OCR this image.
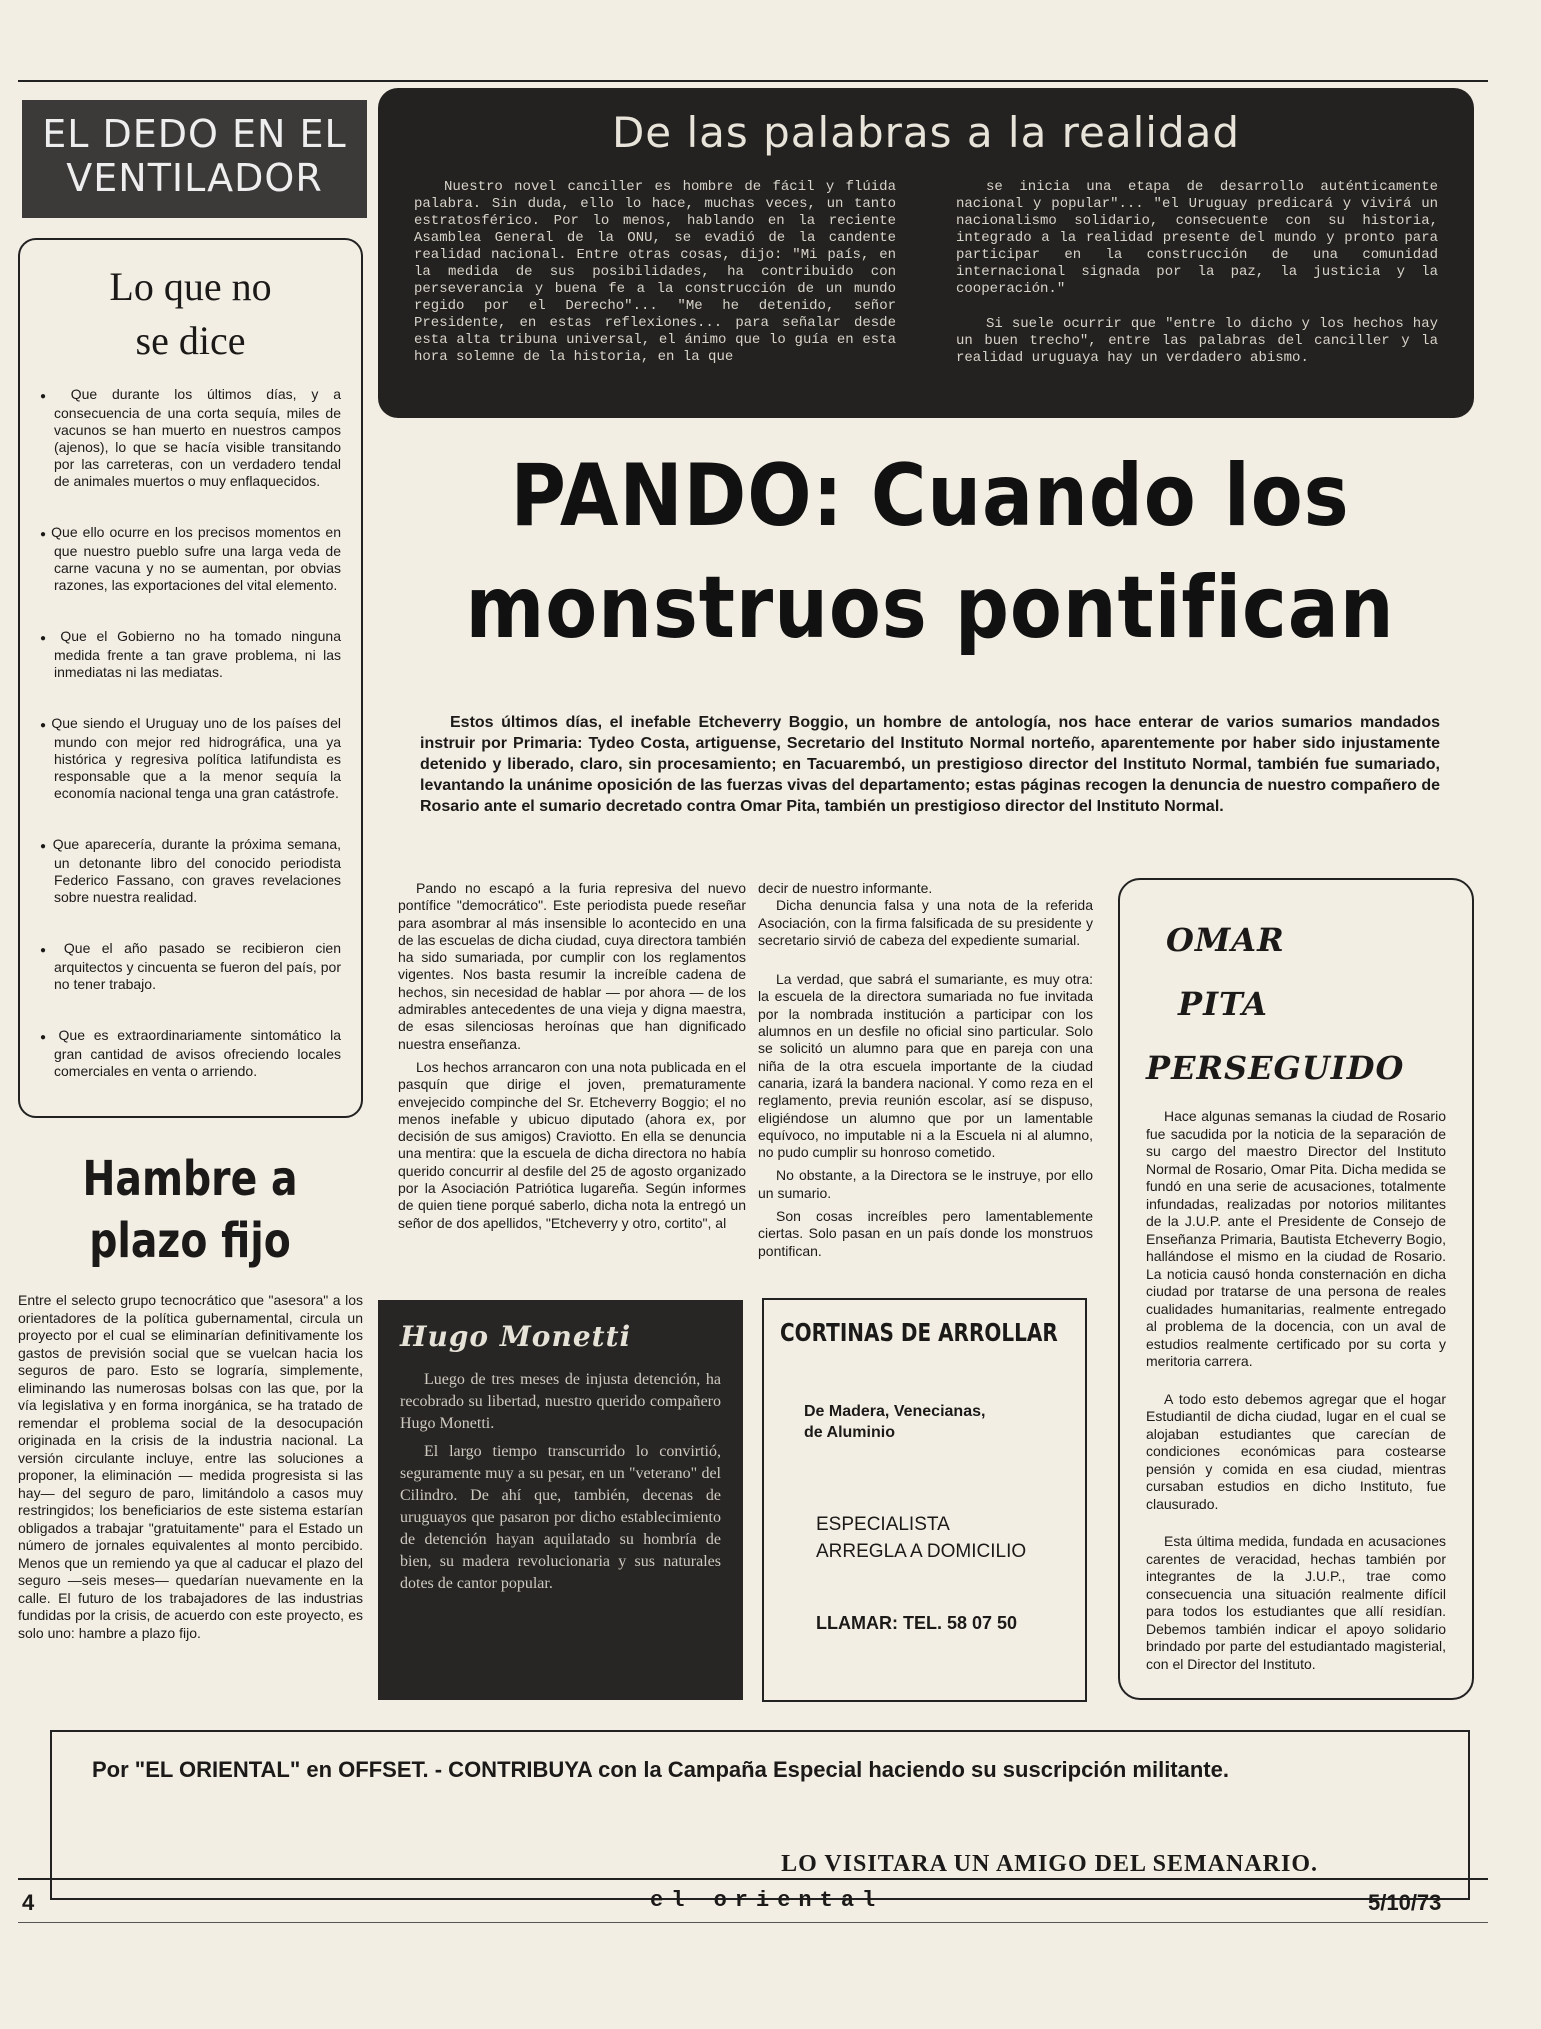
EL DEDO EN EL
VENTILADOR
Lo que no
se dice
● Que durante los últimos días, y a consecuencia de una corta sequía, miles de vacunos se han muerto en nuestros campos (ajenos), lo que se hacía visible transitando por las carreteras, con un verdadero tendal de animales muertos o muy enflaquecidos.
● Que ello ocurre en los precisos momentos en que nuestro pueblo sufre una larga veda de carne vacuna y no se aumentan, por obvias razones, las exportaciones del vital elemento.
● Que el Gobierno no ha tomado ninguna medida frente a tan grave problema, ni las inmediatas ni las mediatas.
● Que siendo el Uruguay uno de los países del mundo con mejor red hidrográfica, una ya histórica y regresiva política latifundista es responsable que a la menor sequía la economía nacional tenga una gran catástrofe.
● Que aparecería, durante la próxima semana, un detonante libro del conocido periodista Federico Fassano, con graves revelaciones sobre nuestra realidad.
● Que el año pasado se recibieron cien arquitectos y cincuenta se fueron del país, por no tener trabajo.
● Que es extraordinariamente sintomático la gran cantidad de avisos ofreciendo locales comerciales en venta o arriendo.
Hambre a
plazo fijo
Entre el selecto grupo tecnocrático que "asesora" a los orientadores de la política gubernamental, circula un proyecto por el cual se eliminarían definitivamente los gastos de previsión social que se vuelcan hacia los seguros de paro. Esto se lograría, simplemente, eliminando las numerosas bolsas con las que, por la vía legislativa y en forma inorgánica, se ha tratado de remendar el problema social de la desocupación originada en la crisis de la industria nacional. La versión circulante incluye, entre las soluciones a proponer, la eliminación — medida progresista si las hay— del seguro de paro, limitándolo a casos muy restringidos; los beneficiarios de este sistema estarían obligados a trabajar "gratuitamente" para el Estado un número de jornales equivalentes al monto percibido. Menos que un remiendo ya que al caducar el plazo del seguro —seis meses— quedarían nuevamente en la calle. El futuro de los trabajadores de las industrias fundidas por la crisis, de acuerdo con este proyecto, es solo uno: hambre a plazo fijo.
De las palabras a la realidad

Nuestro novel canciller es hombre de fácil y flúida palabra. Sin duda, ello lo hace, muchas veces, un tanto estratosférico. Por lo menos, hablando en la reciente Asamblea General de la ONU, se evadió de la candente realidad nacional. Entre otras cosas, dijo: "Mi país, en la medida de sus posibilidades, ha contribuido con perseverancia y buena fe a la construcción de un mundo regido por el Derecho"... "Me he detenido, señor Presidente, en estas reflexiones... para señalar desde esta alta tribuna universal, el ánimo que lo guía en esta hora solemne de la historia, en la que

se inicia una etapa de desarrollo auténticamente nacional y popular"... "el Uruguay predicará y vivirá un nacionalismo solidario, consecuente con su historia, integrado a la realidad presente del mundo y pronto para participar en la construcción de una comunidad internacional signada por la paz, la justicia y la cooperación."

Si suele ocurrir que "entre lo dicho y los hechos hay un buen trecho", entre las palabras del canciller y la realidad uruguaya hay un verdadero abismo.

PANDO: Cuando los
monstruos pontifican
Estos últimos días, el inefable Etcheverry Boggio, un hombre de antología, nos hace enterar de varios sumarios mandados instruir por Primaria: Tydeo Costa, artiguense, Secretario del Instituto Normal norteño, aparentemente por haber sido injustamente detenido y liberado, claro, sin procesamiento; en Tacuarembó, un prestigioso director del Instituto Normal, también fue sumariado, levantando la unánime oposición de las fuerzas vivas del departamento; estas páginas recogen la denuncia de nuestro compañero de Rosario ante el sumario decretado contra Omar Pita, también un prestigioso director del Instituto Normal.

Pando no escapó a la furia represiva del nuevo pontífice "democrático". Este periodista puede reseñar para asombrar al más insensible lo acontecido en una de las escuelas de dicha ciudad, cuya directora también ha sido sumariada, por cumplir con los reglamentos vigentes. Nos basta resumir la increíble cadena de hechos, sin necesidad de hablar — por ahora — de los admirables antecedentes de una vieja y digna maestra, de esas silenciosas heroínas que han dignificado nuestra enseñanza.

Los hechos arrancaron con una nota publicada en el pasquín que dirige el joven, prematuramente envejecido compinche del Sr. Etcheverry Boggio; el no menos inefable y ubicuo diputado (ahora ex, por decisión de sus amigos) Craviotto. En ella se denuncia una mentira: que la escuela de dicha directora no había querido concurrir al desfile del 25 de agosto organizado por la Asociación Patriótica lugareña. Según informes de quien tiene porqué saberlo, dicha nota la entregó un señor de dos apellidos, "Etcheverry y otro, cortito", al

decir de nuestro informante.

Dicha denuncia falsa y una nota de la referida Asociación, con la firma falsificada de su presidente y secretario sirvió de cabeza del expediente sumarial.

La verdad, que sabrá el sumariante, es muy otra: la escuela de la directora sumariada no fue invitada por la nombrada institución a participar con los alumnos en un desfile no oficial sino particular. Solo se solicitó un alumno para que en pareja con una niña de la otra escuela importante de la ciudad canaria, izará la bandera nacional. Y como reza en el reglamento, previa reunión escolar, así se dispuso, eligiéndose un alumno que por un lamentable equívoco, no imputable ni a la Escuela ni al alumno, no pudo cumplir su honroso cometido.

No obstante, a la Directora se le instruye, por ello un sumario.

Son cosas increíbles pero lamentablemente ciertas. Solo pasan en un país donde los monstruos pontifican.

OMAR
PITA
PERSEGUIDO

Hace algunas semanas la ciudad de Rosario fue sacudida por la noticia de la separación de su cargo del maestro Director del Instituto Normal de Rosario, Omar Pita. Dicha medida se fundó en una serie de acusaciones, totalmente infundadas, realizadas por notorios militantes de la J.U.P. ante el Presidente de Consejo de Enseñanza Primaria, Bautista Etcheverry Bogio, hallándose el mismo en la ciudad de Rosario. La noticia causó honda consternación en dicha ciudad por tratarse de una persona de reales cualidades humanitarias, realmente entregado al problema de la docencia, con un aval de estudios realmente certificado por su corta y meritoria carrera.

A todo esto debemos agregar que el hogar Estudiantil de dicha ciudad, lugar en el cual se alojaban estudiantes que carecían de condiciones económicas para costearse pensión y comida en esa ciudad, mientras cursaban estudios en dicho Instituto, fue clausurado.

Esta última medida, fundada en acusaciones carentes de veracidad, hechas también por integrantes de la J.U.P., trae como consecuencia una situación realmente difícil para todos los estudiantes que allí residían. Debemos también indicar el apoyo solidario brindado por parte del estudiantado magisterial, con el Director del Instituto.

Hugo Monetti

Luego de tres meses de injusta detención, ha recobrado su libertad, nuestro querido compañero Hugo Monetti.

El largo tiempo transcurrido lo convirtió, seguramente muy a su pesar, en un "veterano" del Cilindro. De ahí que, también, decenas de uruguayos que pasaron por dicho establecimiento de detención hayan aquilatado su hombría de bien, su madera revolucionaria y sus naturales dotes de cantor popular.

CORTINAS DE ARROLLAR
De Madera, Venecianas,
de Aluminio
ESPECIALISTA
ARREGLA A DOMICILIO
LLAMAR: TEL. 58 07 50
Por "EL ORIENTAL" en OFFSET. - CONTRIBUYA con la Campaña Especial haciendo su suscripción militante.
LO VISITARA UN AMIGO DEL SEMANARIO.
4	el oriental	5/10/73
